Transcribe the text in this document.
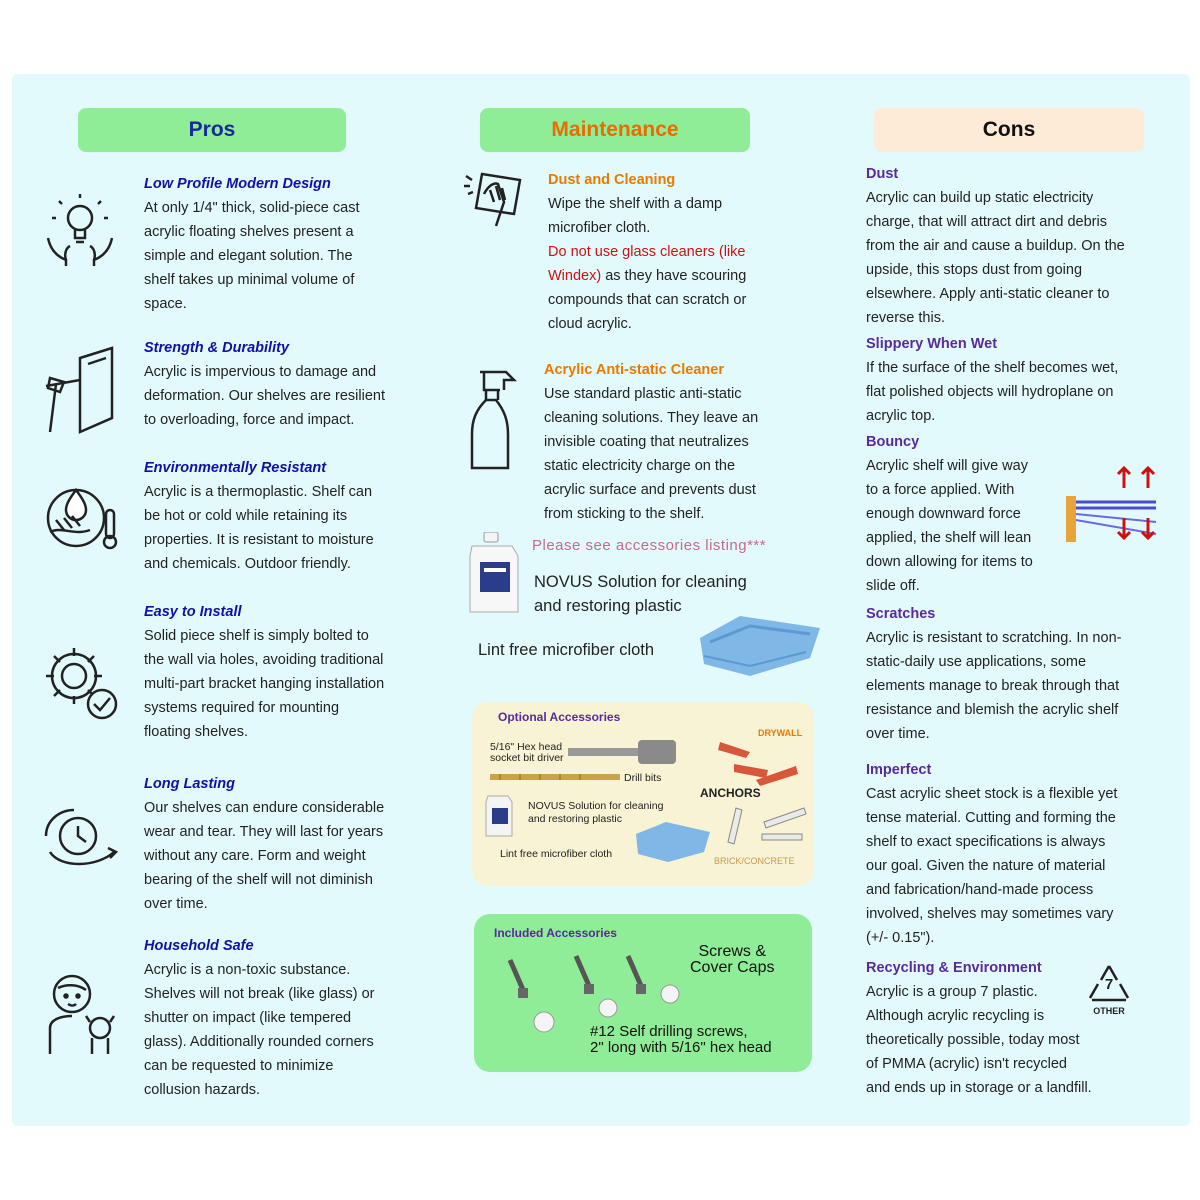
Pros	Maintenance	Cons
Low Profile Modern Design
At only 1/4" thick, solid-piece cast
acrylic floating shelves present a
simple and elegant solution. The
shelf takes up minimal volume of
space.
Strength & Durability
Acrylic is impervious to damage and
deformation. Our shelves are resilient
to overloading, force and impact.
Environmentally Resistant
Acrylic is a thermoplastic. Shelf can
be hot or cold while retaining its
properties. It is resistant to moisture
and chemicals. Outdoor friendly.
Easy to Install
Solid piece shelf is simply bolted to
the wall via holes, avoiding traditional
multi-part bracket hanging installation
systems required for mounting
floating shelves.
Long Lasting
Our shelves can endure considerable
wear and tear. They will last for years
without any care. Form and weight
bearing of the shelf will not diminish
over time.
Household Safe
Acrylic is a non-toxic substance.
Shelves will not break (like glass) or
shutter on impact (like tempered
glass). Additionally rounded corners
can be requested to minimize
collusion hazards.
Dust and Cleaning
Wipe the shelf with a damp
microfiber cloth.
Do not use glass cleaners (like
Windex) as they have scouring
compounds that can scratch or
cloud acrylic.
Acrylic Anti-static Cleaner
Use standard plastic anti-static
cleaning solutions. They leave an
invisible coating that neutralizes
static electricity charge on the
acrylic surface and prevents dust
from sticking to the shelf.
Please see accessories listing***
NOVUS Solution for cleaning
and restoring plastic
Lint free microfiber cloth
Optional Accessories
5/16" Hex head
socket bit driver
Drill bits
DRYWALL
ANCHORS
NOVUS Solution for cleaning
and restoring plastic
Lint free microfiber cloth
BRICK/CONCRETE
Included Accessories
Screws &
Cover Caps
#12 Self drilling screws,
2" long with 5/16" hex head
Dust
Acrylic can build up static electricity
charge, that will attract dirt and debris
from the air and cause a buildup. On the
upside, this stops dust from going
elsewhere. Apply anti-static cleaner to
reverse this.
Slippery When Wet
If the surface of the shelf becomes wet,
flat polished objects will hydroplane on
acrylic top.
Bouncy
Acrylic shelf will give way
to a force applied. With
enough downward force
applied, the shelf will lean
down allowing for items to
slide off.
Scratches
Acrylic is resistant to scratching. In non-
static-daily use applications, some
elements manage to break through that
resistance and blemish the acrylic shelf
over time.
Imperfect
Cast acrylic sheet stock is a flexible yet
tense material. Cutting and forming the
shelf to exact specifications is always
our goal. Given the nature of material
and fabrication/hand-made process
involved, shelves may sometimes vary
(+/- 0.15").
Recycling & Environment
Acrylic is a group 7 plastic.
Although acrylic recycling is
theoretically possible, today most
of PMMA (acrylic) isn't recycled
and ends up in storage or a landfill.
7
OTHER
